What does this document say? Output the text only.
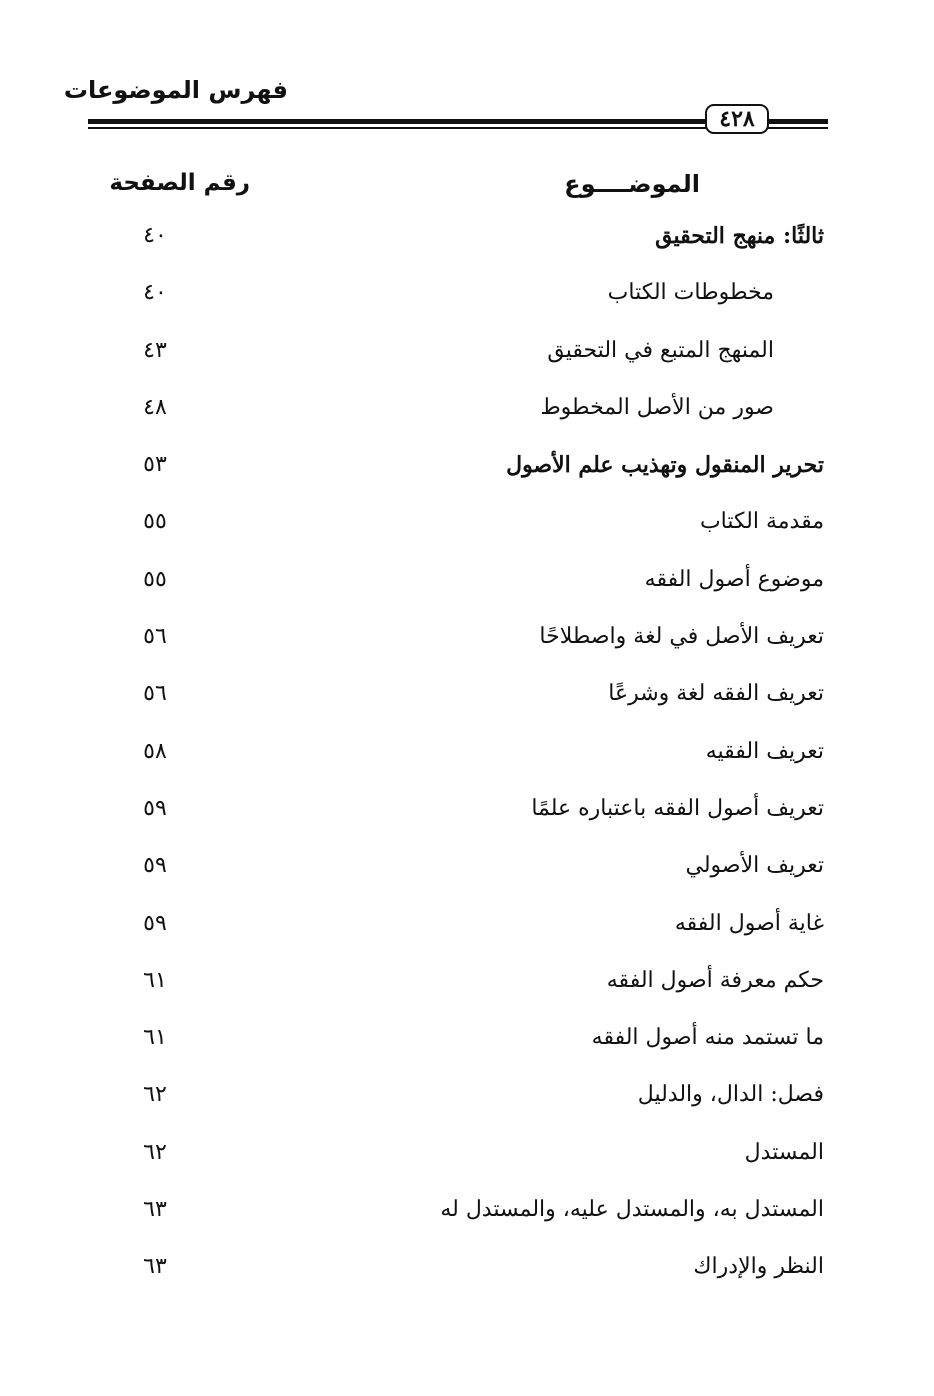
فهرس الموضوعات
٤٢٨
الموضــــوع
رقم الصفحة
ثالثًا: منهج التحقيق
٤٠
مخطوطات الكتاب
٤٠
المنهج المتبع في التحقيق
٤٣
صور من الأصل المخطوط
٤٨
تحرير المنقول وتهذيب علم الأصول
٥٣
مقدمة الكتاب
٥٥
موضوع أصول الفقه
٥٥
تعريف الأصل في لغة واصطلاحًا
٥٦
تعريف الفقه لغة وشرعًا
٥٦
تعريف الفقيه
٥٨
تعريف أصول الفقه باعتباره علمًا
٥٩
تعريف الأصولي
٥٩
غاية أصول الفقه
٥٩
حكم معرفة أصول الفقه
٦١
ما تستمد منه أصول الفقه
٦١
فصل: الدال، والدليل
٦٢
المستدل
٦٢
المستدل به، والمستدل عليه، والمستدل له
٦٣
النظر والإدراك
٦٣
